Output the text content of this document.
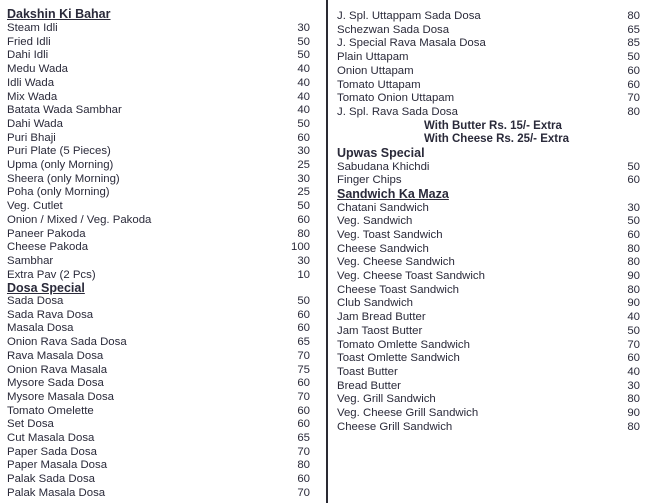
Dakshin Ki Bahar
Steam Idli	30
Fried Idli	50
Dahi Idli	50
Medu Wada	40
Idli Wada	40
Mix Wada	40
Batata Wada Sambhar	40
Dahi Wada	50
Puri Bhaji	60
Puri Plate (5 Pieces)	30
Upma (only Morning)	25
Sheera (only Morning)	30
Poha (only Morning)	25
Veg. Cutlet	50
Onion / Mixed / Veg. Pakoda	60
Paneer Pakoda	80
Cheese Pakoda	100
Sambhar	30
Extra Pav (2 Pcs)	10
Dosa Special
Sada Dosa	50
Sada Rava Dosa	60
Masala Dosa	60
Onion Rava Sada Dosa	65
Rava Masala Dosa	70
Onion Rava Masala	75
Mysore Sada Dosa	60
Mysore Masala Dosa	70
Tomato Omelette	60
Set Dosa	60
Cut Masala Dosa	65
Paper Sada Dosa	70
Paper Masala Dosa	80
Palak Sada Dosa	60
Palak Masala Dosa	70
J. Spl. Uttappam Sada Dosa	80
Schezwan Sada Dosa	65
J. Special Rava Masala Dosa	85
Plain Uttapam	50
Onion Uttapam	60
Tomato Uttapam	60
Tomato Onion Uttapam	70
J. Spl. Rava Sada Dosa	80
With Butter Rs. 15/- Extra
With Cheese Rs. 25/- Extra
Upwas Special
Sabudana Khichdi	50
Finger Chips	60
Sandwich Ka Maza
Chatani Sandwich	30
Veg. Sandwich	50
Veg. Toast Sandwich	60
Cheese Sandwich	80
Veg. Cheese Sandwich	80
Veg. Cheese Toast Sandwich	90
Cheese Toast Sandwich	80
Club Sandwich	90
Jam Bread Butter	40
Jam Taost Butter	50
Tomato Omlette Sandwich	70
Toast Omlette Sandwich	60
Toast Butter	40
Bread Butter	30
Veg. Grill Sandwich	80
Veg. Cheese Grill Sandwich	90
Cheese Grill Sandwich	80
